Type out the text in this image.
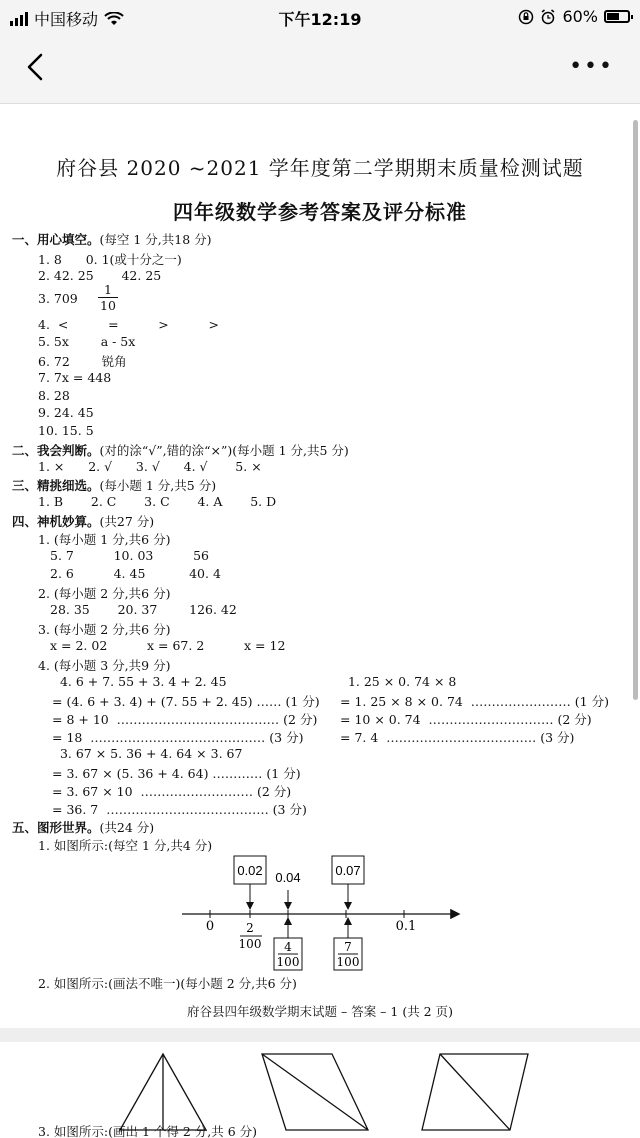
中国移动	下午12:19	60%
•••
府谷县 2020 ~2021 学年度第二学期期末质量检测试题
四年级数学参考答案及评分标准
一、用心填空。(每空 1 分,共18 分)
1. 8      0. 1(或十分之一)
2. 42. 25       42. 25
3. $709 \frac{1}{10}$
4.  <          =          >          >
5. 5x        a - 5x
6. 72        锐角
7. 7x = 448
8. 28
9. 24. 45
10. 15. 5
二、我会判断。(对的涂“√”,错的涂“×”)(每小题 1 分,共5 分)
1. ×      2. √      3. √      4. √       5. ×
三、精挑细选。(每小题 1 分,共5 分)
1. B       2. C       3. C       4. A       5. D
四、神机妙算。(共27 分)
1. (每小题 1 分,共6 分)
5. 7          10. 03          56
2. 6          4. 45           40. 4
2. (每小题 2 分,共6 分)
28. 35       20. 37        126. 42
3. (每小题 2 分,共6 分)
x = 2. 02          x = 67. 2          x = 12
4. (每小题 3 分,共9 分)
4. 6 + 7. 55 + 3. 4 + 2. 45
= (4. 6 + 3. 4) + (7. 55 + 2. 45) …… (1 分)
= 8 + 10  ………………………………… (2 分)
= 18  …………………………………… (3 分)
1. 25 × 0. 74 × 8
= 1. 25 × 8 × 0. 74  …………………… (1 分)
= 10 × 0. 74  ………………………… (2 分)
= 7. 4  ……………………………… (3 分)
3. 67 × 5. 36 + 4. 64 × 3. 67
= 3. 67 × (5. 36 + 4. 64) ………… (1 分)
= 3. 67 × 10  ……………………… (2 分)
= 36. 7  ………………………………… (3 分)
五、图形世界。(共24 分)
1. 如图所示:(每空 1 分,共4 分)
0.02	0.07
0.04
0	0.1
2
100 4
100
7
100
2. 如图所示:(画法不唯一)(每小题 2 分,共6 分)
府谷县四年级数学期末试题 – 答案 – 1 (共 2 页)
3. 如图所示:(画出 1 个得 2 分,共 6 分)
